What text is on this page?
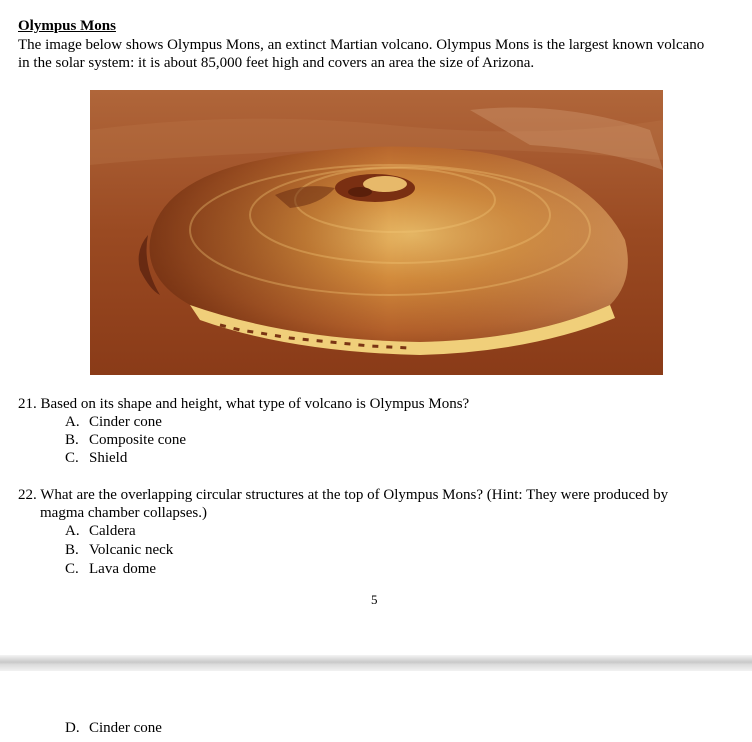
Olympus Mons

The image below shows Olympus Mons, an extinct Martian volcano. Olympus Mons is the largest known volcano in the solar system: it is about 85,000 feet high and covers an area the size of Arizona.

21. Based on its shape and height, what type of volcano is Olympus Mons?

A. Cinder cone

B. Composite cone

C. Shield

22. What are the overlapping circular structures at the top of Olympus Mons? (Hint: They were produced by

magma chamber collapses.)

A. Caldera

B. Volcanic neck

C. Lava dome

5

D. Cinder cone
